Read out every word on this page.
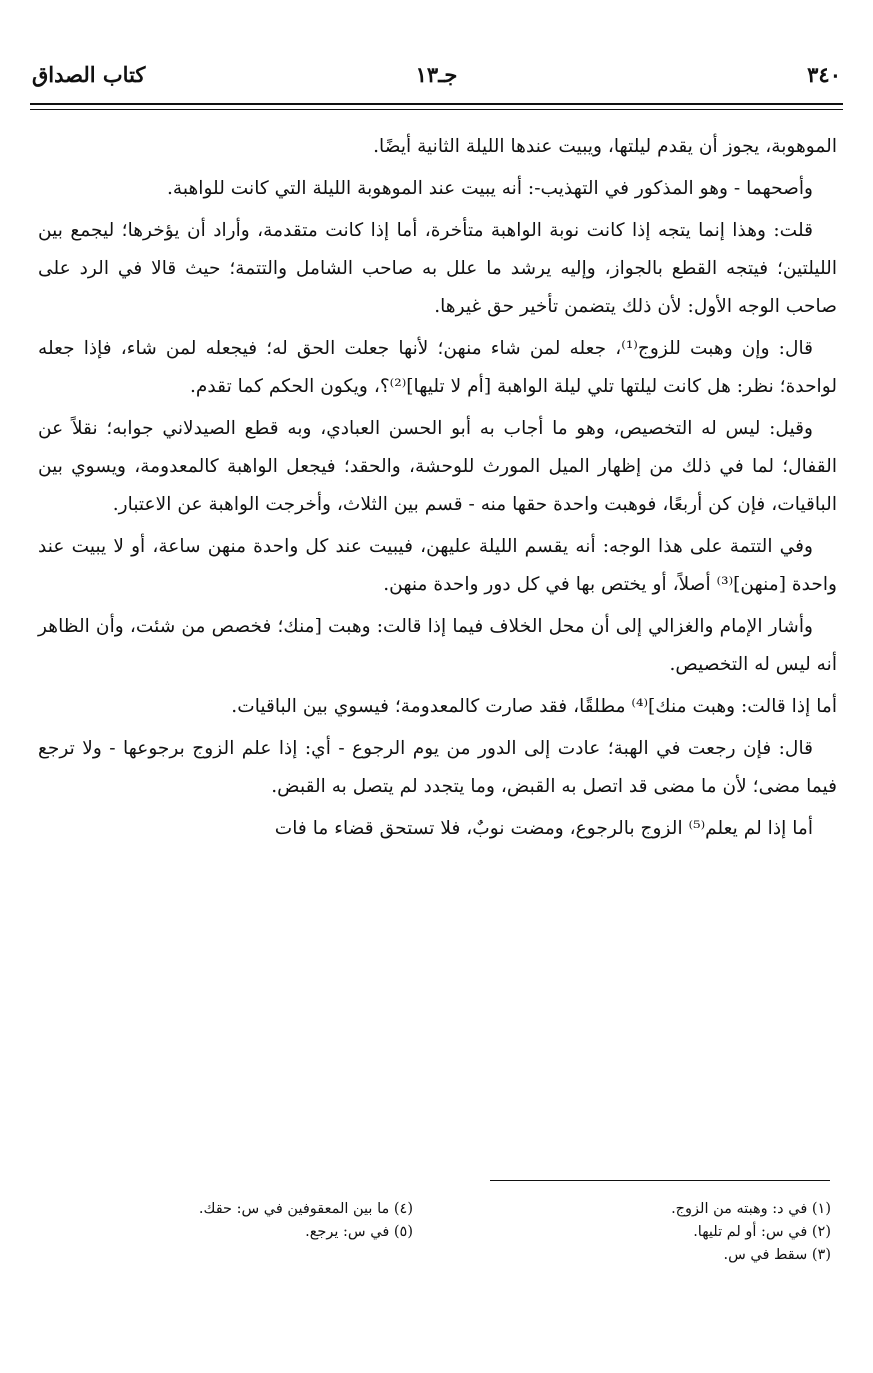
٣٤٠
جـ١٣
كتاب الصداق

الموهوبة، يجوز أن يقدم ليلتها، ويبيت عندها الليلة الثانية أيضًا.

وأصحهما - وهو المذكور في التهذيب-: أنه يبيت عند الموهوبة الليلة التي كانت للواهبة.

قلت: وهذا إنما يتجه إذا كانت نوبة الواهبة متأخرة، أما إذا كانت متقدمة، وأراد أن يؤخرها؛ ليجمع بين الليلتين؛ فيتجه القطع بالجواز، وإليه يرشد ما علل به صاحب الشامل والتتمة؛ حيث قالا في الرد على صاحب الوجه الأول: لأن ذلك يتضمن تأخير حق غيرها.

قال: وإن وهبت للزوج⁽¹⁾، جعله لمن شاء منهن؛ لأنها جعلت الحق له؛ فيجعله لمن شاء، فإذا جعله لواحدة؛ نظر: هل كانت ليلتها تلي ليلة الواهبة [أم لا تليها]⁽²⁾؟، ويكون الحكم كما تقدم.

وقيل: ليس له التخصيص، وهو ما أجاب به أبو الحسن العبادي، وبه قطع الصيدلاني جوابه؛ نقلاً عن القفال؛ لما في ذلك من إظهار الميل المورث للوحشة، والحقد؛ فيجعل الواهبة كالمعدومة، ويسوي بين الباقيات، فإن كن أربعًا، فوهبت واحدة حقها منه - قسم بين الثلاث، وأخرجت الواهبة عن الاعتبار.

وفي التتمة على هذا الوجه: أنه يقسم الليلة عليهن، فيبيت عند كل واحدة منهن ساعة، أو لا يبيت عند واحدة [منهن]⁽³⁾ أصلاً، أو يختص بها في كل دور واحدة منهن.

وأشار الإمام والغزالي إلى أن محل الخلاف فيما إذا قالت: وهبت [منك؛ فخصص من شئت، وأن الظاهر أنه ليس له التخصيص.

أما إذا قالت: وهبت منك]⁽⁴⁾ مطلقًا، فقد صارت كالمعدومة؛ فيسوي بين الباقيات.

قال: فإن رجعت في الهبة؛ عادت إلى الدور من يوم الرجوع - أي: إذا علم الزوج برجوعها - ولا ترجع فيما مضى؛ لأن ما مضى قد اتصل به القبض، وما يتجدد لم يتصل به القبض.

أما إذا لم يعلم⁽⁵⁾ الزوج بالرجوع، ومضت نوبٌ، فلا تستحق قضاء ما فات

(١) في د: وهبته من الزوج.
(٢) في س: أو لم تليها.
(٣) سقط في س.
(٤) ما بين المعقوفين في س: حقك.
(٥) في س: يرجع.
